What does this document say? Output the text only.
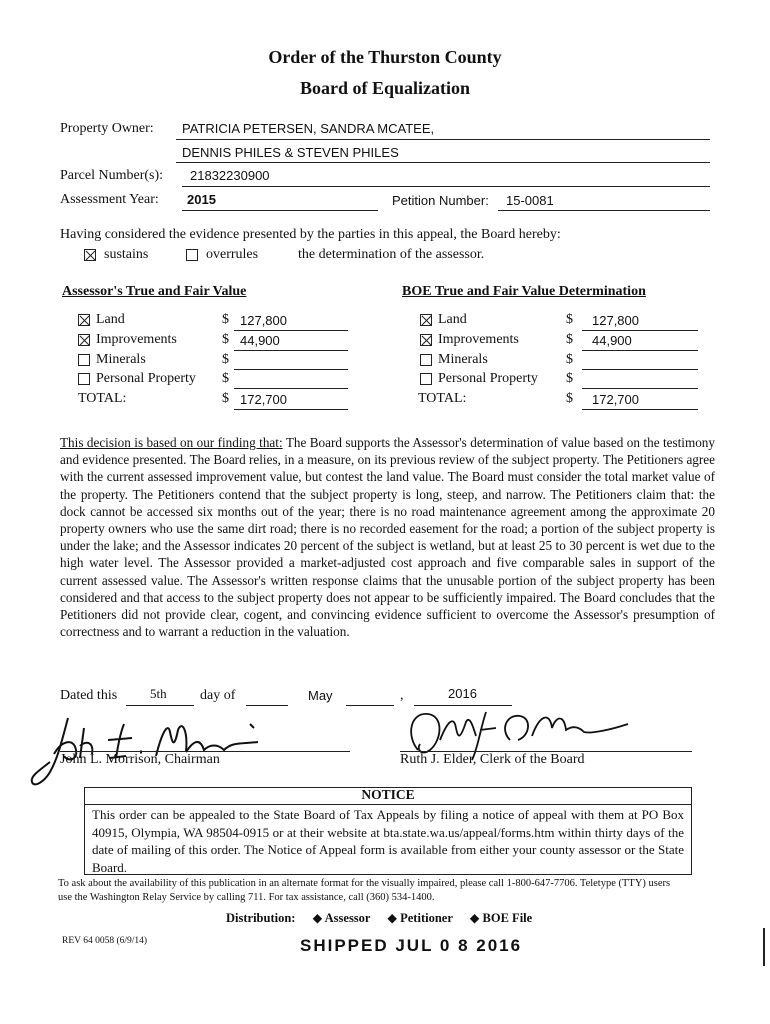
Order of the Thurston County
Board of Equalization
Property Owner: PATRICIA PETERSEN, SANDRA MCATEE,
DENNIS PHILES & STEVEN PHILES
Parcel Number(s): 21832230900
Assessment Year: 2015	Petition Number: 15-0081
Having considered the evidence presented by the parties in this appeal, the Board hereby:
sustains	overrules	the determination of the assessor.
Assessor's True and Fair Value	BOE True and Fair Value Determination
Land	$ 127,800
Improvements	$ 44,900
Minerals	$
Personal Property $
TOTAL:	$ 172,700
Land	$ 127,800
Improvements	$ 44,900
Minerals	$
Personal Property $
TOTAL:	$ 172,700
This decision is based on our finding that: The Board supports the Assessor's determination of value based on the testimony and evidence presented. The Board relies, in a measure, on its previous review of the subject property. The Petitioners agree with the current assessed improvement value, but contest the land value. The Board must consider the total market value of the property. The Petitioners contend that the subject property is long, steep, and narrow. The Petitioners claim that: the dock cannot be accessed six months out of the year; there is no road maintenance agreement among the approximate 20 property owners who use the same dirt road; there is no recorded easement for the road; a portion of the subject property is under the lake; and the Assessor indicates 20 percent of the subject is wetland, but at least 25 to 30 percent is wet due to the high water level. The Assessor provided a market-adjusted cost approach and five comparable sales in support of the current assessed value. The Assessor's written response claims that the unusable portion of the subject property has been considered and that access to the subject property does not appear to be sufficiently impaired. The Board concludes that the Petitioners did not provide clear, cogent, and convincing evidence sufficient to overcome the Assessor's presumption of correctness and to warrant a reduction in the valuation.
Dated this	5th day of	May	,	2016
John L. Morrison, Chairman	Ruth J. Elder, Clerk of the Board
NOTICE
This order can be appealed to the State Board of Tax Appeals by filing a notice of appeal with them at PO Box 40915, Olympia, WA 98504-0915 or at their website at bta.state.wa.us/appeal/forms.htm within thirty days of the date of mailing of this order. The Notice of Appeal form is available from either your county assessor or the State Board.
To ask about the availability of this publication in an alternate format for the visually impaired, please call 1-800-647-7706. Teletype (TTY) users use the Washington Relay Service by calling 711. For tax assistance, call (360) 534-1400.
Distribution: ◆ Assessor ◆ Petitioner ◆ BOE File
REV 64 0058 (6/9/14)	SHIPPED JUL 0 8 2016
